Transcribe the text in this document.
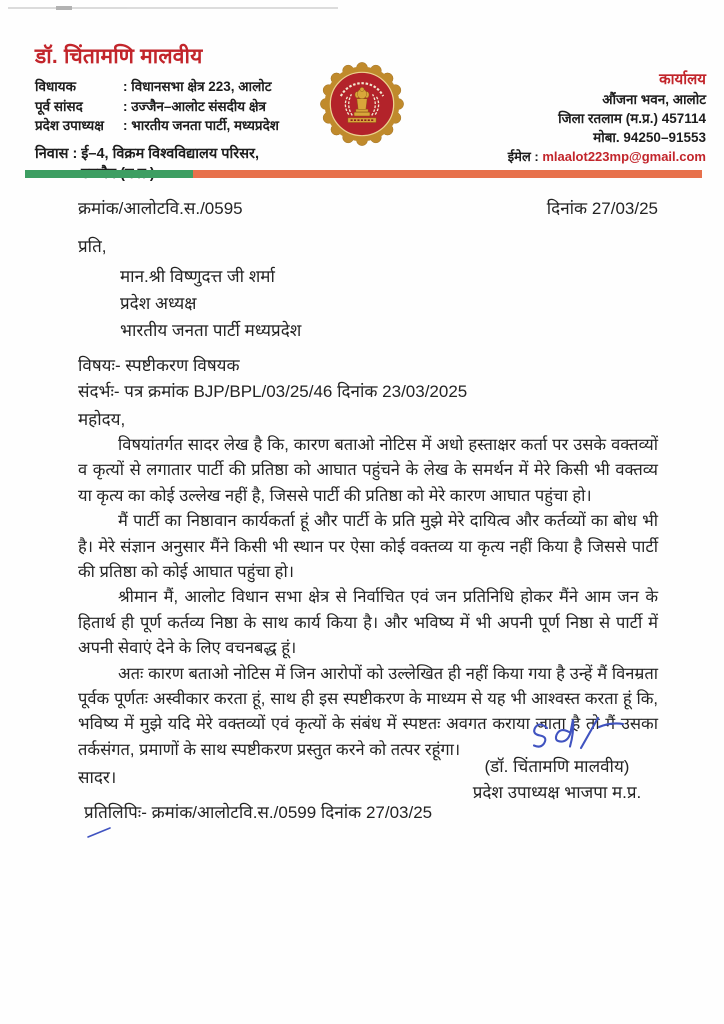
डॉ. चिंतामणि मालवीय
विधायक	: विधानसभा क्षेत्र 223, आलोट
पूर्व सांसद	: उज्जैन–आलोट संसदीय क्षेत्र
प्रदेश उपाध्यक्ष	: भारतीय जनता पार्टी, मध्यप्रदेश
निवास : ई–4, विक्रम विश्वविद्यालय परिसर,
कार्यालय
औंजना भवन, आलोट
जिला रतलाम (म.प्र.) 457114
मोबा. 94250–91553
ईमेल : mlaalot223mp@gmail.com
क्रमांक/आलोटवि.स./0595	दिनांक 27/03/25
प्रति,
मान.श्री विष्णुदत्त जी शर्मा
प्रदेश अध्यक्ष
भारतीय जनता पार्टी मध्यप्रदेश
विषयः- स्पष्टीकरण विषयक
संदर्भः- पत्र क्रमांक BJP/BPL/03/25/46 दिनांक 23/03/2025
महोदय,

विषयांतर्गत सादर लेख है कि, कारण बताओ नोटिस में अधो हस्ताक्षर कर्ता पर उसके वक्तव्यों व कृत्यों से लगातार पार्टी की प्रतिष्ठा को आघात पहुंचने के लेख के समर्थन में मेरे किसी भी वक्तव्य या कृत्य का कोई उल्लेख नहीं है, जिससे पार्टी की प्रतिष्ठा को मेरे कारण आघात पहुंचा हो।

मैं पार्टी का निष्ठावान कार्यकर्ता हूं और पार्टी के प्रति मुझे मेरे दायित्व और कर्तव्यों का बोध भी है। मेरे संज्ञान अनुसार मैंने किसी भी स्थान पर ऐसा कोई वक्तव्य या कृत्य नहीं किया है जिससे पार्टी की प्रतिष्ठा को कोई आघात पहुंचा हो।

श्रीमान मैं, आलोट विधान सभा क्षेत्र से निर्वाचित एवं जन प्रतिनिधि होकर मैंने आम जन के हितार्थ ही पूर्ण कर्तव्य निष्ठा के साथ कार्य किया है। और भविष्य में भी अपनी पूर्ण निष्ठा से पार्टी में अपनी सेवाएं देने के लिए वचनबद्ध हूं।

अतः कारण बताओ नोटिस में जिन आरोपों को उल्लेखित ही नहीं किया गया है उन्हें मैं विनम्रता पूर्वक पूर्णतः अस्वीकार करता हूं, साथ ही इस स्पष्टीकरण के माध्यम से यह भी आश्वस्त करता हूं कि, भविष्य में मुझे यदि मेरे वक्तव्यों एवं कृत्यों के संबंध में स्पष्टतः अवगत कराया जाता है तो मैं उसका तर्कसंगत, प्रमाणों के साथ स्पष्टीकरण प्रस्तुत करने को तत्पर रहूंगा।

सादर।
(डॉ. चिंतामणि मालवीय)
प्रदेश उपाध्यक्ष भाजपा म.प्र.
प्रतिलिपिः- क्रमांक/आलोटवि.स./0599 दिनांक 27/03/25
